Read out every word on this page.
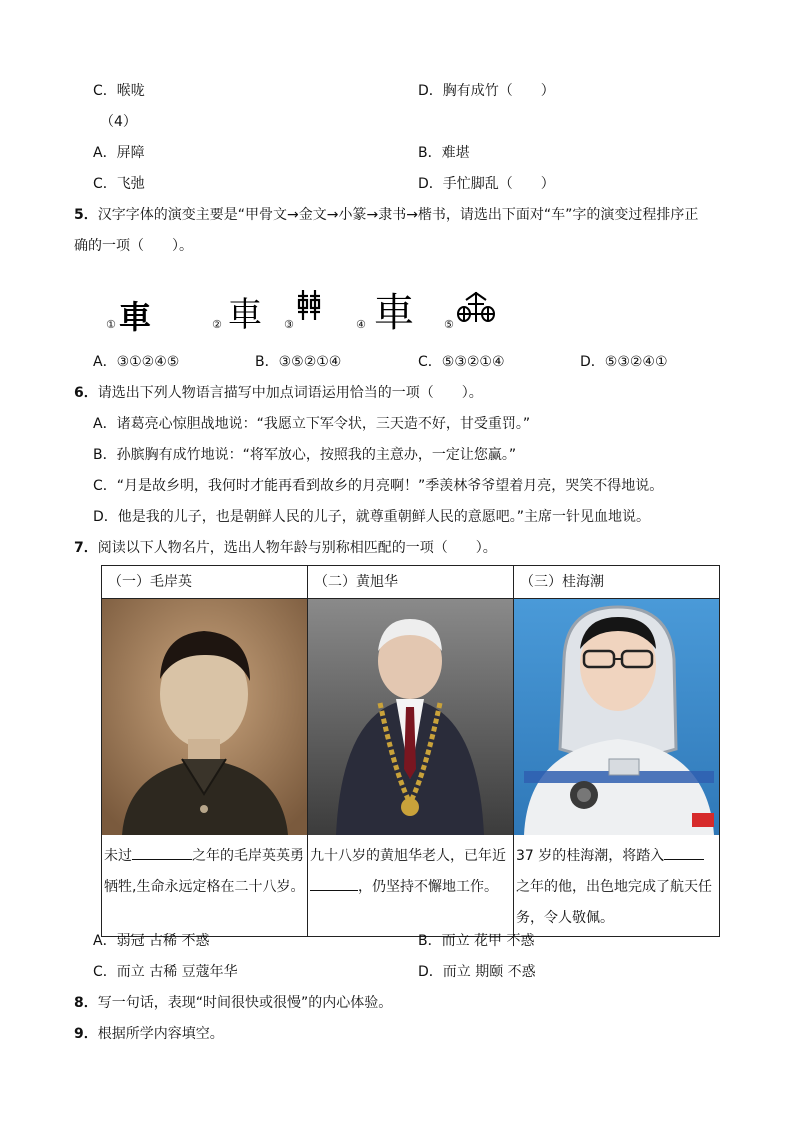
C．喉咙	D．胸有成竹（　　）
（4）
A．屏障	B．难堪
C．飞弛	D．手忙脚乱（　　）
5．汉字字体的演变主要是“甲骨文→金文→小篆→隶书→楷书，请选出下面对“车”字的演变过程排序正
确的一项（　　）。
① 車	② 車 ③	④ 車	⑤
A．③①②④⑤	B．③⑤②①④	C．⑤③②①④	D．⑤③②④①
6．请选出下列人物语言描写中加点词语运用恰当的一项（　　）。
A．诸葛亮心惊胆战地说：“我愿立下军令状，三天造不好，甘受重罚。”
B．孙膑胸有成竹地说：“将军放心，按照我的主意办，一定让您赢。”
C．“月是故乡明，我何时才能再看到故乡的月亮啊！”季羡林爷爷望着月亮，哭笑不得地说。
D．他是我的儿子，也是朝鲜人民的儿子，就尊重朝鲜人民的意愿吧。”主席一针见血地说。
7．阅读以下人物名片，选出人物年龄与别称相匹配的一项（　　）。
（一）毛岸英	（二）黄旭华	（三）桂海潮

未过 之年的毛岸英英勇牺牲,生命永远定格在二十八岁。	九十八岁的黄旭华老人，已年近，仍坚持不懈地工作。	37 岁的桂海潮，将踏入之年的他，出色地完成了航天任务，令人敬佩。
A．弱冠 古稀 不惑	B．而立 花甲 不惑
C．而立 古稀 豆蔻年华	D．而立 期颐 不惑
8．写一句话，表现“时间很快或很慢”的内心体验。
9．根据所学内容填空。
